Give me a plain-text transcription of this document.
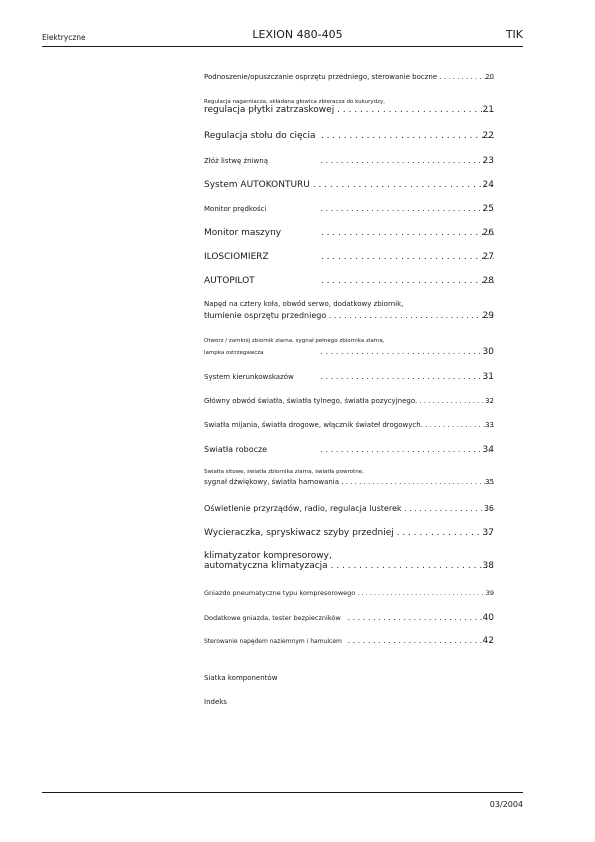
Elektryczne	LEXION 480-405	TIK
Podnoszenie/opuszczanie osprzętu przedniego, sterowanie boczne	20
. . .
Regulacja nagarniacza, składana głowica zbieracza do kukurydzy,
regulacja płytki zatrzaskowej	21
. . .
Regulacja stołu do cięcia	22
. . .
Złóż listwę żniwną	23
. . .
System AUTOKONTURU	24
. . .
Monitor prędkości	25
. . .
Monitor maszyny	26
. . .
ILOŚCIOMIERZ	27
. . .
AUTOPILOT	28
. . .
Napęd na cztery koła, obwód serwo, dodatkowy zbiornik,
tłumienie osprzętu przedniego	29
. . .
Otwórz / zamknij zbiornik ziarna, sygnał pełnego zbiornika ziarna,
lampka ostrzegawcza	30
. . .
System kierunkowskazów	31
. . .
Główny obwód światła, światła tylnego, światła pozycyjnego.	32
. . .
Światła mijania, światła drogowe, włącznik świateł drogowych.	33
. . .
Światła robocze	34
. . .
Światła sitowe, światła zbiornika ziarna, światła powrotne,
sygnał dźwiękowy, światła hamowania	35
. . .
Oświetlenie przyrządów, radio, regulacja lusterek	36
. . .
Wycieraczka, spryskiwacz szyby przedniej	37
. . .
klimatyzator kompresorowy,
automatyczna klimatyzacja	38
. . .
Gniazdo pneumatyczne typu kompresorowego	39
. . .
Dodatkowe gniazda, tester bezpieczników	40
. . .
Sterowanie napędem naziemnym i hamulcem	42
. . .
Siatka komponentów
Indeks
03/2004
